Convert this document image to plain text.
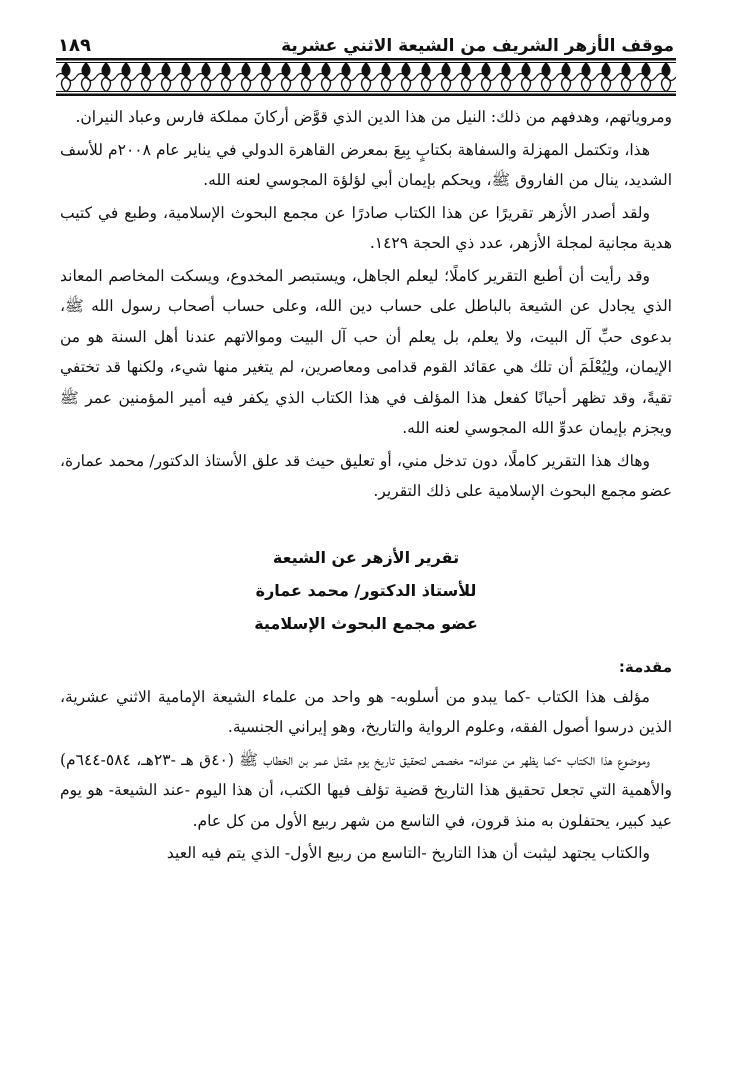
موقف الأزهر الشريف من الشيعة الاثني عشرية
١٨٩

ومروياتهم، وهدفهم من ذلك: النيل من هذا الدين الذي قوَّض أركانَ مملكة فارس وعباد النيران.

هذا، وتكتمل المهزلة والسفاهة بكتابٍ بِيعَ بمعرض القاهرة الدولي في يناير عام ٢٠٠٨م للأسف الشديد، ينال من الفاروق ﷺ، ويحكم بإيمان أبي لؤلؤة المجوسي لعنه الله.

ولقد أصدر الأزهر تقريرًا عن هذا الكتاب صادرًا عن مجمع البحوث الإسلامية، وطبع في كتيب هدية مجانية لمجلة الأزهر، عدد ذي الحجة ١٤٢٩.

وقد رأيت أن أطبع التقرير كاملًا؛ ليعلم الجاهل، ويستبصر المخدوع، ويسكت المخاصم المعاند الذي يجادل عن الشيعة بالباطل على حساب دين الله، وعلى حساب أصحاب رسول الله ﷺ، بدعوى حبِّ آل البيت، ولا يعلم، بل يعلم أن حب آل البيت وموالاتهم عندنا أهل السنة هو من الإيمان، ولِيُعْلَمَ أن تلك هي عقائد القوم قدامى ومعاصرين، لم يتغير منها شيء، ولكنها قد تختفي تقيةً، وقد تظهر أحيانًا كفعل هذا المؤلف في هذا الكتاب الذي يكفر فيه أمير المؤمنين عمر ﷺ ويجزم بإيمان عدوِّ الله المجوسي لعنه الله.

وهاك هذا التقرير كاملًا، دون تدخل مني، أو تعليق حيث قد علق الأستاذ الدكتور/ محمد عمارة، عضو مجمع البحوث الإسلامية على ذلك التقرير.

تقرير الأزهر عن الشيعة
للأستاذ الدكتور/ محمد عمارة
عضو مجمع البحوث الإسلامية

مقدمة:

مؤلف هذا الكتاب -كما يبدو من أسلوبه- هو واحد من علماء الشيعة الإمامية الاثني عشرية، الذين درسوا أصول الفقه، وعلوم الرواية والتاريخ، وهو إيراني الجنسية.

وموضوع هذا الكتاب -كما يظهر من عنوانه- مخصص لتحقيق تاريخ يوم مقتل عمر بن الخطاب ﷺ (٤٠ق هـ -٢٣هـ، ٥٨٤-٦٤٤م) والأهمية التي تجعل تحقيق هذا التاريخ قضية تؤلف فيها الكتب، أن هذا اليوم -عند الشيعة- هو يوم عيد كبير، يحتفلون به منذ قرون، في التاسع من شهر ربيع الأول من كل عام.

والكتاب يجتهد ليثبت أن هذا التاريخ -التاسع من ربيع الأول- الذي يتم فيه العيد
